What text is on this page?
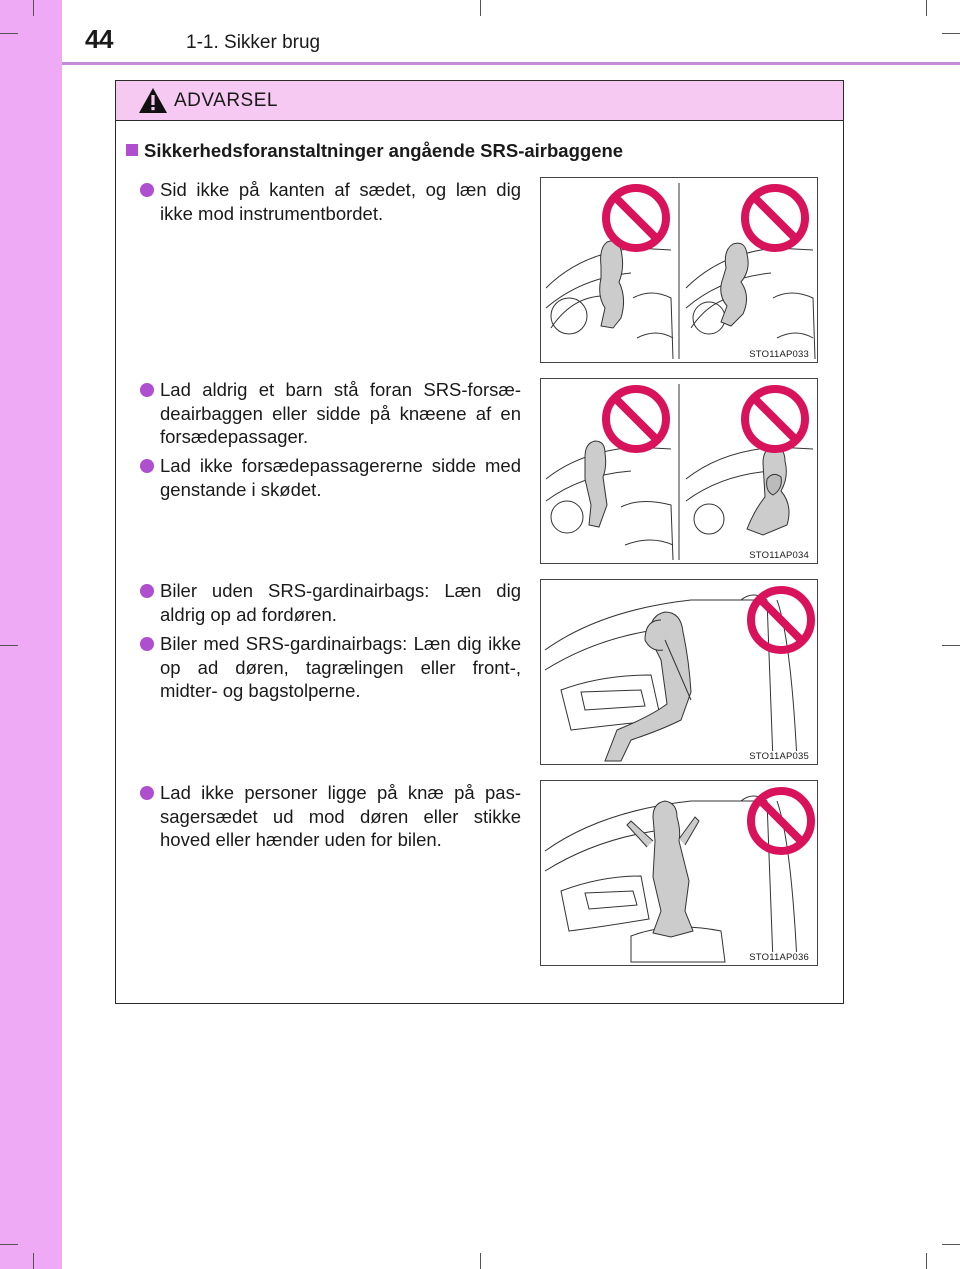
44	1-1. Sikker brug
ADVARSEL
Sikkerhedsforanstaltninger angående SRS-airbaggene
Sid ikke på kanten af sædet, og læn dig ikke mod instrumentbordet.
Lad aldrig et barn stå foran SRS-forsæ-deairbaggen eller sidde på knæene af en forsædepassager.
Lad ikke forsædepassagererne sidde med genstande i skødet.
Biler uden SRS-gardinairbags: Læn dig aldrig op ad fordøren.
Biler med SRS-gardinairbags: Læn dig ikke op ad døren, tagrælingen eller front-, midter- og bagstolperne.
Lad ikke personer ligge på knæ på pas-sagersædet ud mod døren eller stikke hoved eller hænder uden for bilen.
STO11AP033
STO11AP034
STO11AP035
STO11AP036
